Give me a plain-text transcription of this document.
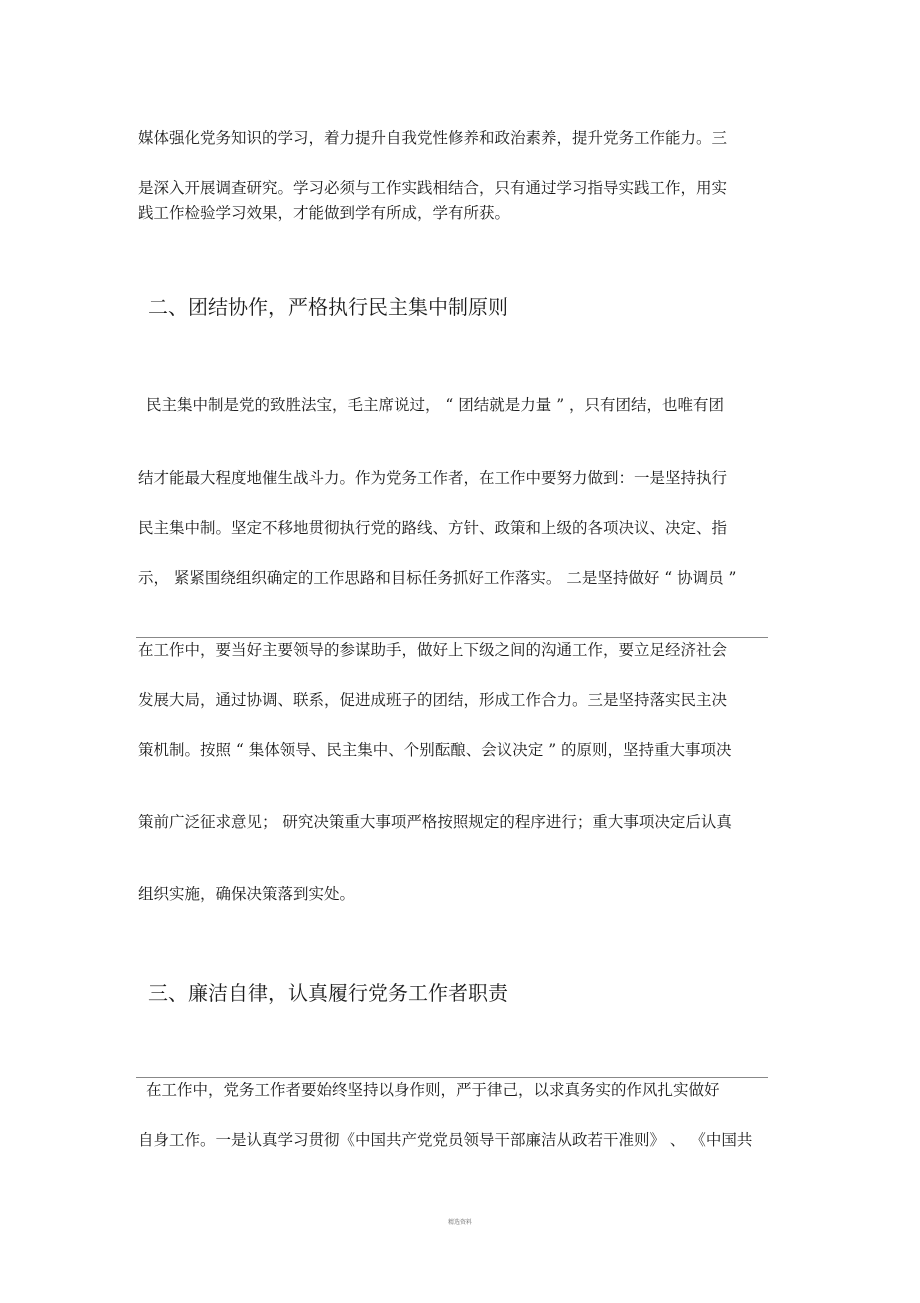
媒体强化党务知识的学习，着力提升自我党性修养和政治素养，提升党务工作能力。三
是深入开展调查研究。学习必须与工作实践相结合，只有通过学习指导实践工作，用实
践工作检验学习效果，才能做到学有所成，学有所获。
二、团结协作，严格执行民主集中制原则
民主集中制是党的致胜法宝，毛主席说过， “ 团结就是力量 ” ，只有团结，也唯有团
结才能最大程度地催生战斗力。作为党务工作者，在工作中要努力做到：一是坚持执行
民主集中制。坚定不移地贯彻执行党的路线、方针、政策和上级的各项决议、决定、指
示， 紧紧围绕组织确定的工作思路和目标任务抓好工作落实。 二是坚持做好 “ 协调员 ”
在工作中，要当好主要领导的参谋助手，做好上下级之间的沟通工作，要立足经济社会
发展大局，通过协调、联系，促进成班子的团结，形成工作合力。三是坚持落实民主决
策机制。按照 “ 集体领导、民主集中、个别酝酿、会议决定 ” 的原则，坚持重大事项决
策前广泛征求意见； 研究决策重大事项严格按照规定的程序进行；重大事项决定后认真
组织实施，确保决策落到实处。
三、廉洁自律，认真履行党务工作者职责
在工作中，党务工作者要始终坚持以身作则，严于律己，以求真务实的作风扎实做好
自身工作。一是认真学习贯彻《中国共产党党员领导干部廉洁从政若干准则》 、 《中国共
精选资料
